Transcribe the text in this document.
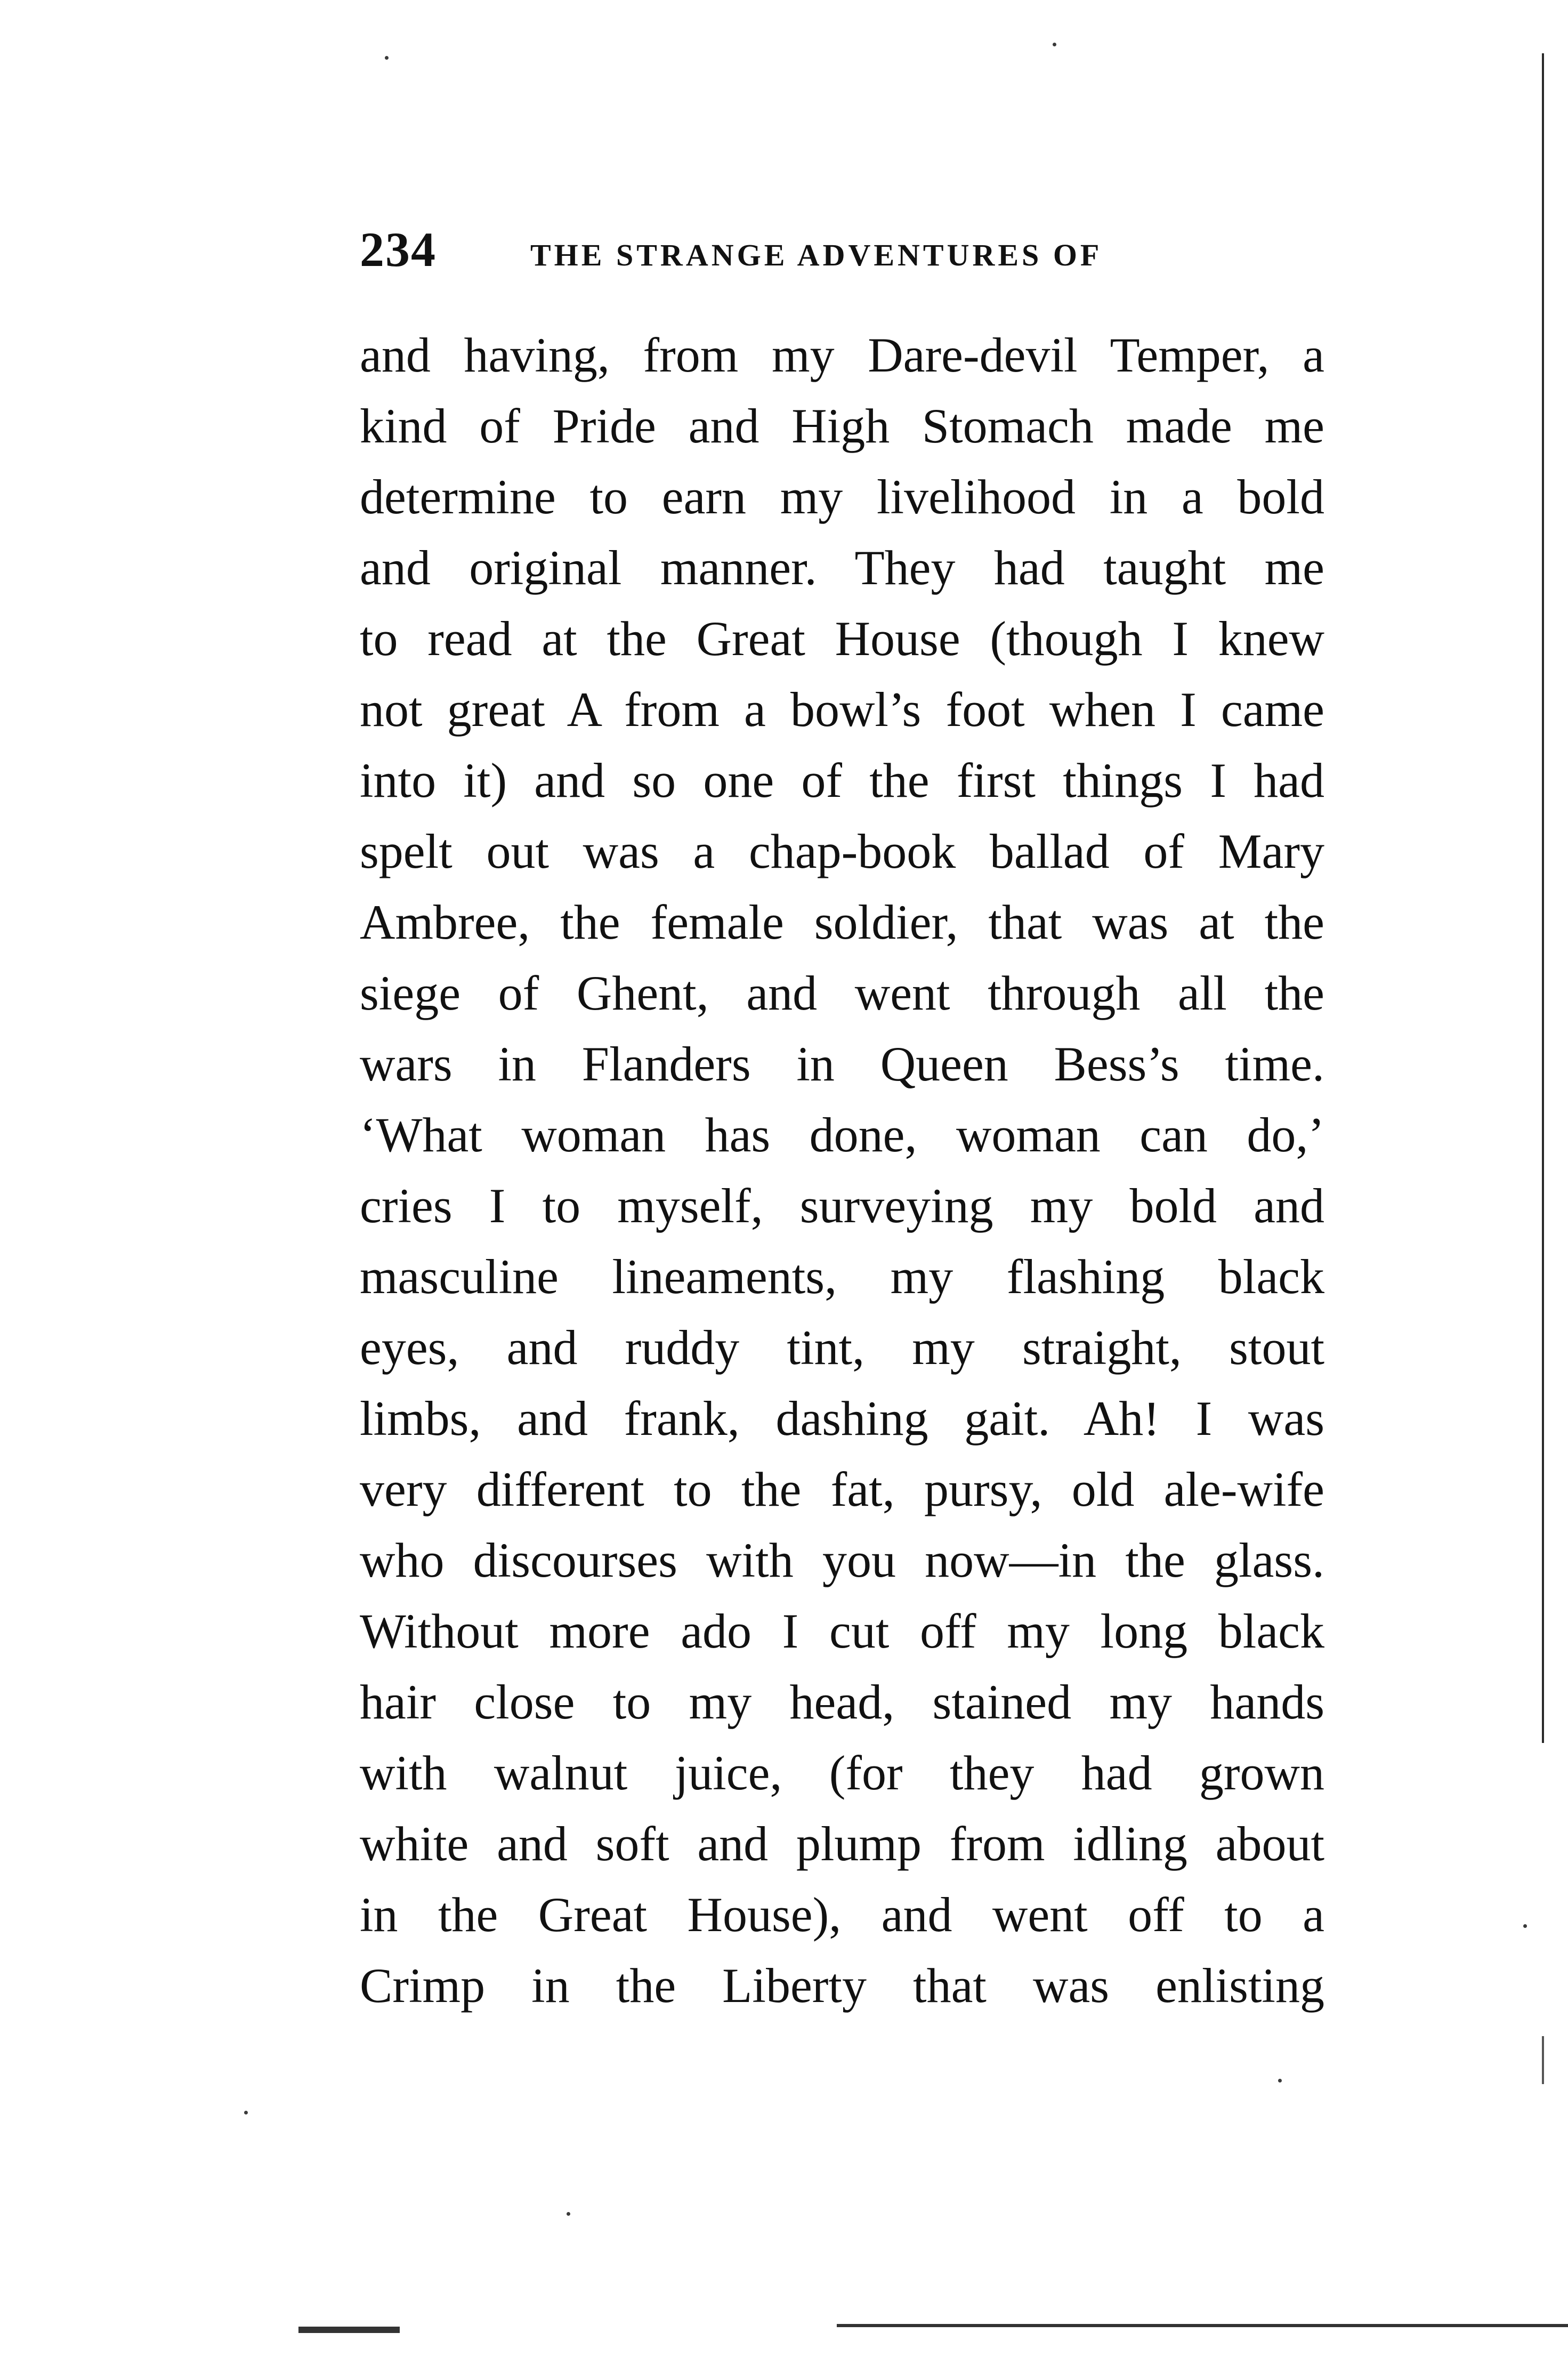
234	THE STRANGE ADVENTURES OF
and having, from my Dare-devil Temper, a
kind of Pride and High Stomach made me
determine to earn my livelihood in a bold
and original manner. They had taught me
to read at the Great House (though I knew
not great A from a bowl’s foot when I came
into it) and so one of the first things I had
spelt out was a chap-book ballad of Mary
Ambree, the female soldier, that was at the
siege of Ghent, and went through all the
wars in Flanders in Queen Bess’s time.
‘What woman has done, woman can do,’
cries I to myself, surveying my bold and
masculine lineaments, my flashing black
eyes, and ruddy tint, my straight, stout
limbs, and frank, dashing gait. Ah! I was
very different to the fat, pursy, old ale-wife
who discourses with you now—in the glass.
Without more ado I cut off my long black
hair close to my head, stained my hands
with walnut juice, (for they had grown
white and soft and plump from idling about
in the Great House), and went off to a
Crimp in the Liberty that was enlisting
